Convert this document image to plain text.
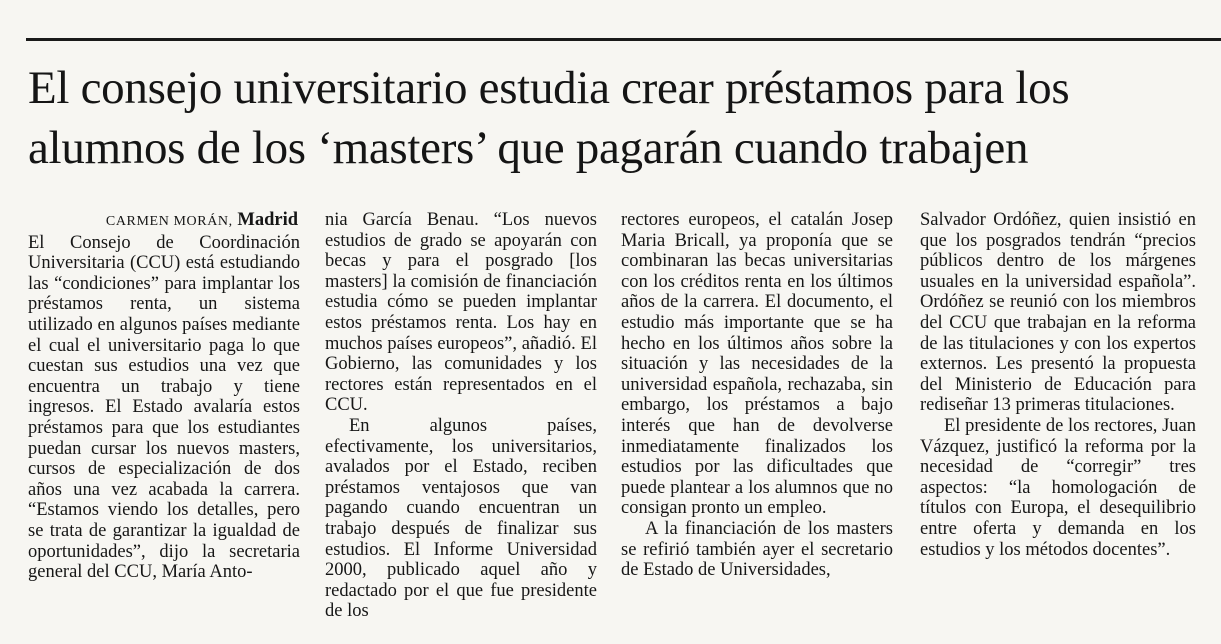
El consejo universitario estudia crear préstamos para los
alumnos de los ‘masters’ que pagarán cuando trabajen

CARMEN MORÁN, Madrid

El Consejo de Coordinación Universitaria (CCU) está estudiando las “condiciones” para implantar los préstamos renta, un sistema utilizado en algunos países mediante el cual el universitario paga lo que cuestan sus estudios una vez que encuentra un trabajo y tiene ingresos. El Estado avalaría estos préstamos para que los estudiantes puedan cursar los nuevos masters, cursos de especialización de dos años una vez acabada la carrera. “Estamos viendo los detalles, pero se trata de garantizar la igualdad de oportunidades”, dijo la secretaria general del CCU, María Anto-

nia García Benau. “Los nuevos estudios de grado se apoyarán con becas y para el posgrado [los masters] la comisión de financiación estudia cómo se pueden implantar estos préstamos renta. Los hay en muchos países europeos”, añadió. El Gobierno, las comunidades y los rectores están representados en el CCU.

En algunos países, efectivamente, los universitarios, avalados por el Estado, reciben préstamos ventajosos que van pagando cuando encuentran un trabajo después de finalizar sus estudios. El Informe Universidad 2000, publicado aquel año y redactado por el que fue presidente de los

rectores europeos, el catalán Josep Maria Bricall, ya proponía que se combinaran las becas universitarias con los créditos renta en los últimos años de la carrera. El documento, el estudio más importante que se ha hecho en los últimos años sobre la situación y las necesidades de la universidad española, rechazaba, sin embargo, los préstamos a bajo interés que han de devolverse inmediatamente finalizados los estudios por las dificultades que puede plantear a los alumnos que no consigan pronto un empleo.

A la financiación de los masters se refirió también ayer el secretario de Estado de Universidades,

Salvador Ordóñez, quien insistió en que los posgrados tendrán “precios públicos dentro de los márgenes usuales en la universidad española”. Ordóñez se reunió con los miembros del CCU que trabajan en la reforma de las titulaciones y con los expertos externos. Les presentó la propuesta del Ministerio de Educación para rediseñar 13 primeras titulaciones.

El presidente de los rectores, Juan Vázquez, justificó la reforma por la necesidad de “corregir” tres aspectos: “la homologación de títulos con Europa, el desequilibrio entre oferta y demanda en los estudios y los métodos docentes”.
